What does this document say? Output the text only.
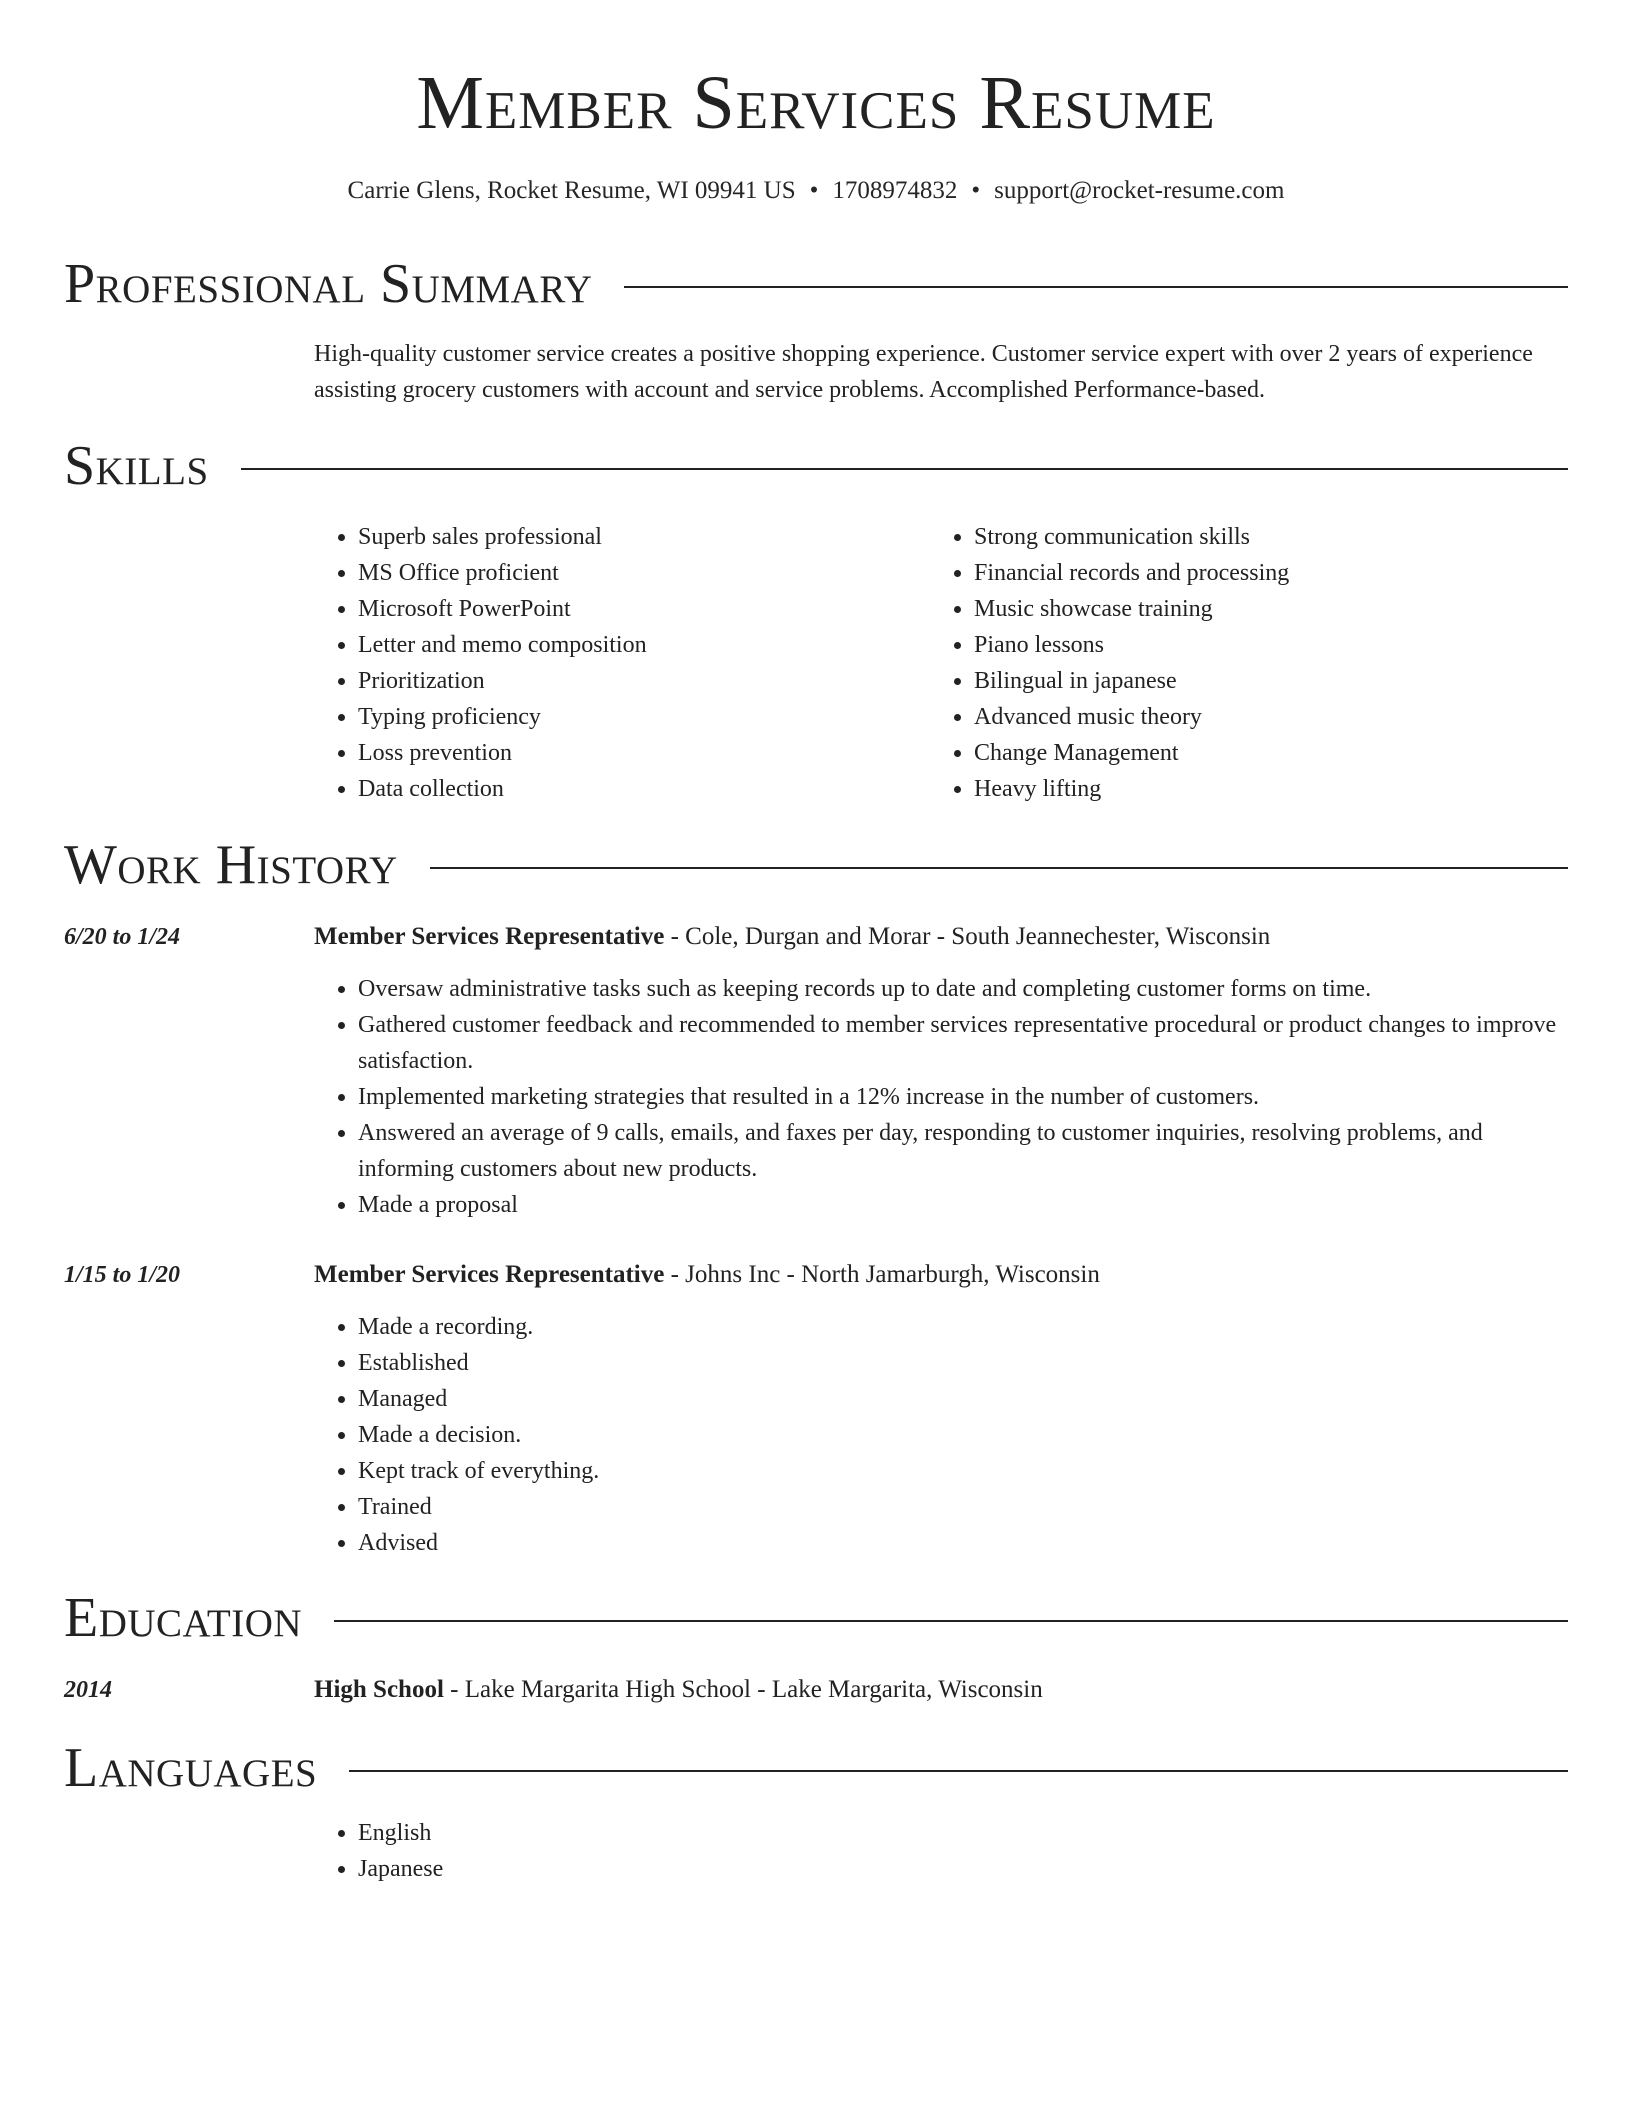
Member Services Resume
Carrie Glens, Rocket Resume, WI 09941 US • 1708974832 • support@rocket-resume.com
Professional Summary

High-quality customer service creates a positive shopping experience. Customer service expert with over 2 years of experience assisting grocery customers with account and service problems. Accomplished Performance-based.

Skills
• Superb sales professional
• MS Office proficient
• Microsoft PowerPoint
• Letter and memo composition
• Prioritization
• Typing proficiency
• Loss prevention
• Data collection
• Strong communication skills
• Financial records and processing
• Music showcase training
• Piano lessons
• Bilingual in japanese
• Advanced music theory
• Change Management
• Heavy lifting
Work History
6/20 to 1/24	Member Services Representative - Cole, Durgan and Morar - South Jeannechester, Wisconsin
• Oversaw administrative tasks such as keeping records up to date and completing customer forms on time.
• Gathered customer feedback and recommended to member services representative procedural or product changes to improve satisfaction.
• Implemented marketing strategies that resulted in a 12% increase in the number of customers.
• Answered an average of 9 calls, emails, and faxes per day, responding to customer inquiries, resolving problems, and informing customers about new products.
• Made a proposal
1/15 to 1/20	Member Services Representative - Johns Inc - North Jamarburgh, Wisconsin
• Made a recording.
• Established
• Managed
• Made a decision.
• Kept track of everything.
• Trained
• Advised
Education
2014	High School - Lake Margarita High School - Lake Margarita, Wisconsin
Languages
• English
• Japanese
